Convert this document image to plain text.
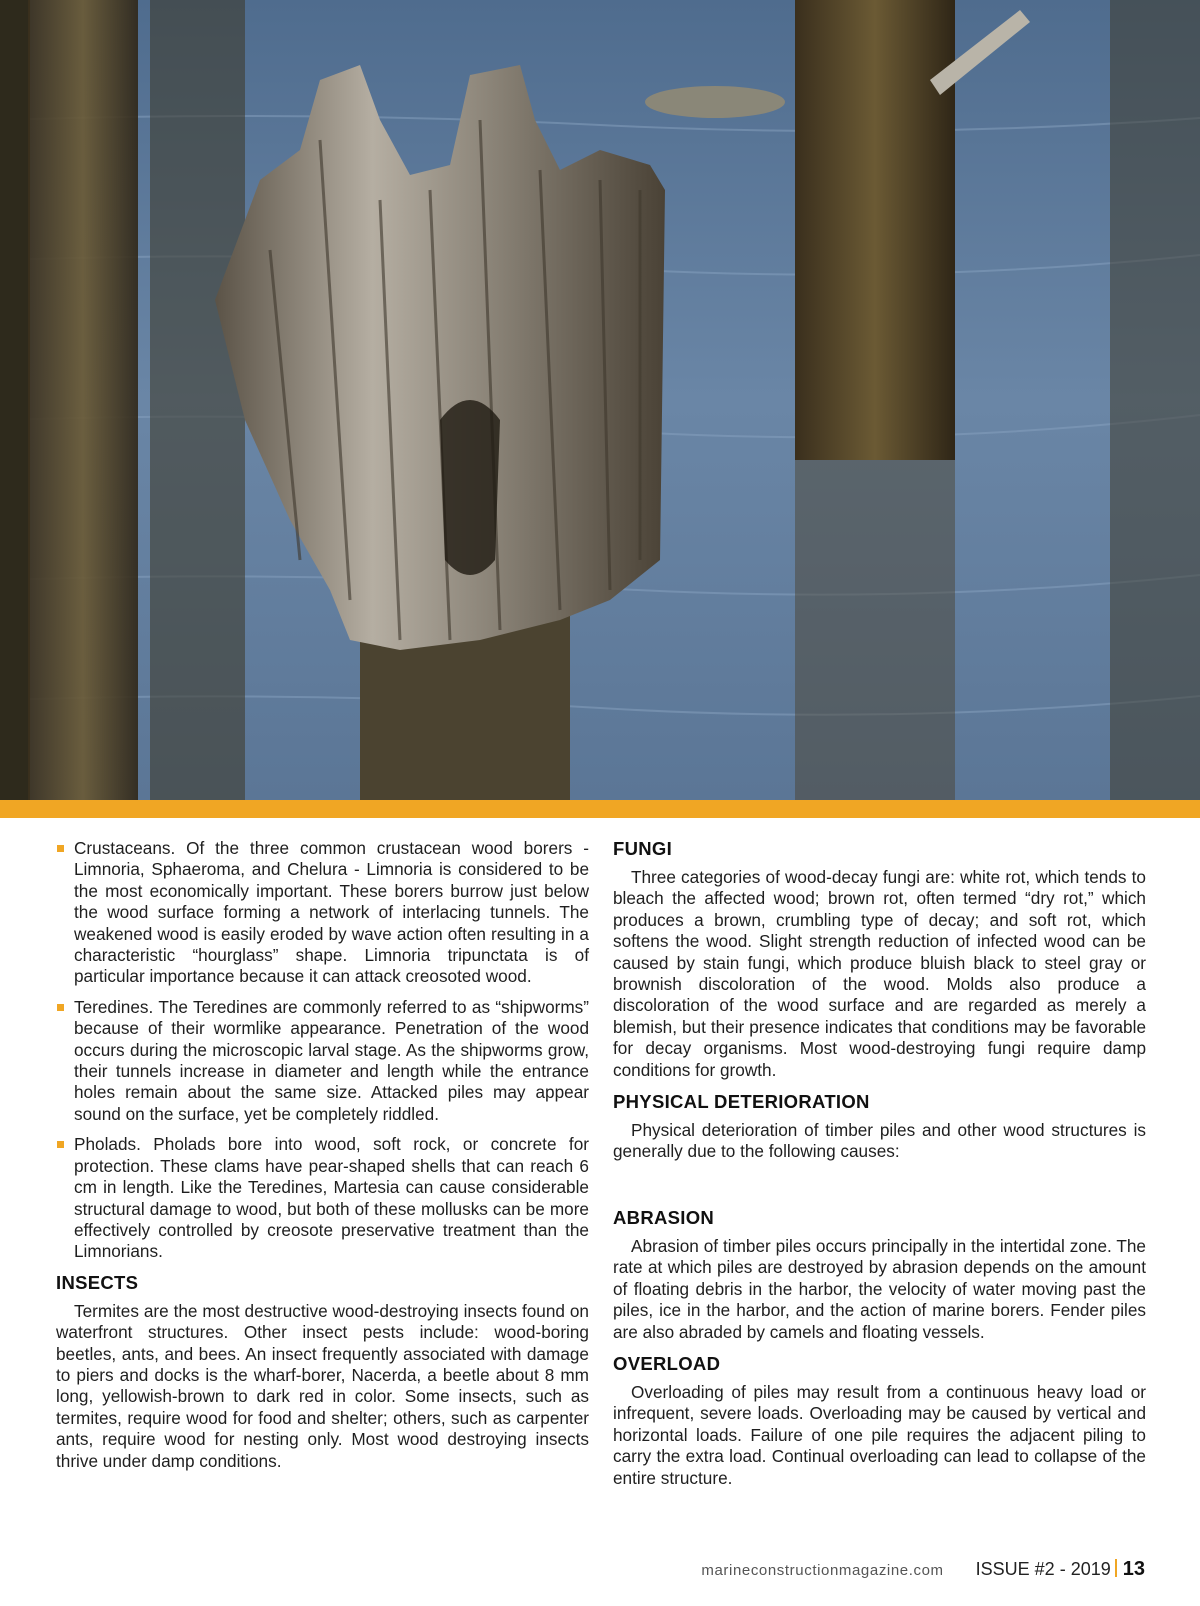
Crustaceans. Of the three common crustacean wood borers - Limnoria, Sphaeroma, and Chelura - Limnoria is considered to be the most economically important. These borers burrow just below the wood surface forming a network of interlacing tunnels. The weakened wood is easily eroded by wave action often resulting in a characteristic “hourglass” shape. Limnoria tripunctata is of particular importance because it can attack creosoted wood.

Teredines. The Teredines are commonly referred to as “shipworms” because of their wormlike appearance. Penetration of the wood occurs during the microscopic larval stage. As the shipworms grow, their tunnels increase in diameter and length while the entrance holes remain about the same size. Attacked piles may appear sound on the surface, yet be completely riddled.

Pholads. Pholads bore into wood, soft rock, or concrete for protection. These clams have pear-shaped shells that can reach 6 cm in length. Like the Teredines, Martesia can cause considerable structural damage to wood, but both of these mollusks can be more effectively controlled by creosote preservative treatment than the Limnorians.

INSECTS

Termites are the most destructive wood-destroying insects found on waterfront structures. Other insect pests include: wood-boring beetles, ants, and bees. An insect frequently associated with damage to piers and docks is the wharf-borer, Nacerda, a beetle about 8 mm long, yellowish-brown to dark red in color. Some insects, such as termites, require wood for food and shelter; others, such as carpenter ants, require wood for nesting only. Most wood destroying insects thrive under damp conditions.

FUNGI

Three categories of wood-decay fungi are: white rot, which tends to bleach the affected wood; brown rot, often termed “dry rot,” which produces a brown, crumbling type of decay; and soft rot, which softens the wood. Slight strength reduction of infected wood can be caused by stain fungi, which produce bluish black to steel gray or brownish discoloration of the wood. Molds also produce a discoloration of the wood surface and are regarded as merely a blemish, but their presence indicates that conditions may be favorable for decay organisms. Most wood-destroying fungi require damp conditions for growth.

PHYSICAL DETERIORATION

Physical deterioration of timber piles and other wood structures is generally due to the following causes:

ABRASION

Abrasion of timber piles occurs principally in the intertidal zone. The rate at which piles are destroyed by abrasion depends on the amount of floating debris in the harbor, the velocity of water moving past the piles, ice in the harbor, and the action of marine borers. Fender piles are also abraded by camels and floating vessels.

OVERLOAD

Overloading of piles may result from a continuous heavy load or infrequent, severe loads. Overloading may be caused by vertical and horizontal loads. Failure of one pile requires the adjacent piling to carry the extra load. Continual overloading can lead to collapse of the entire structure.

marineconstructionmagazine.com ISSUE #2 - 2019 13
